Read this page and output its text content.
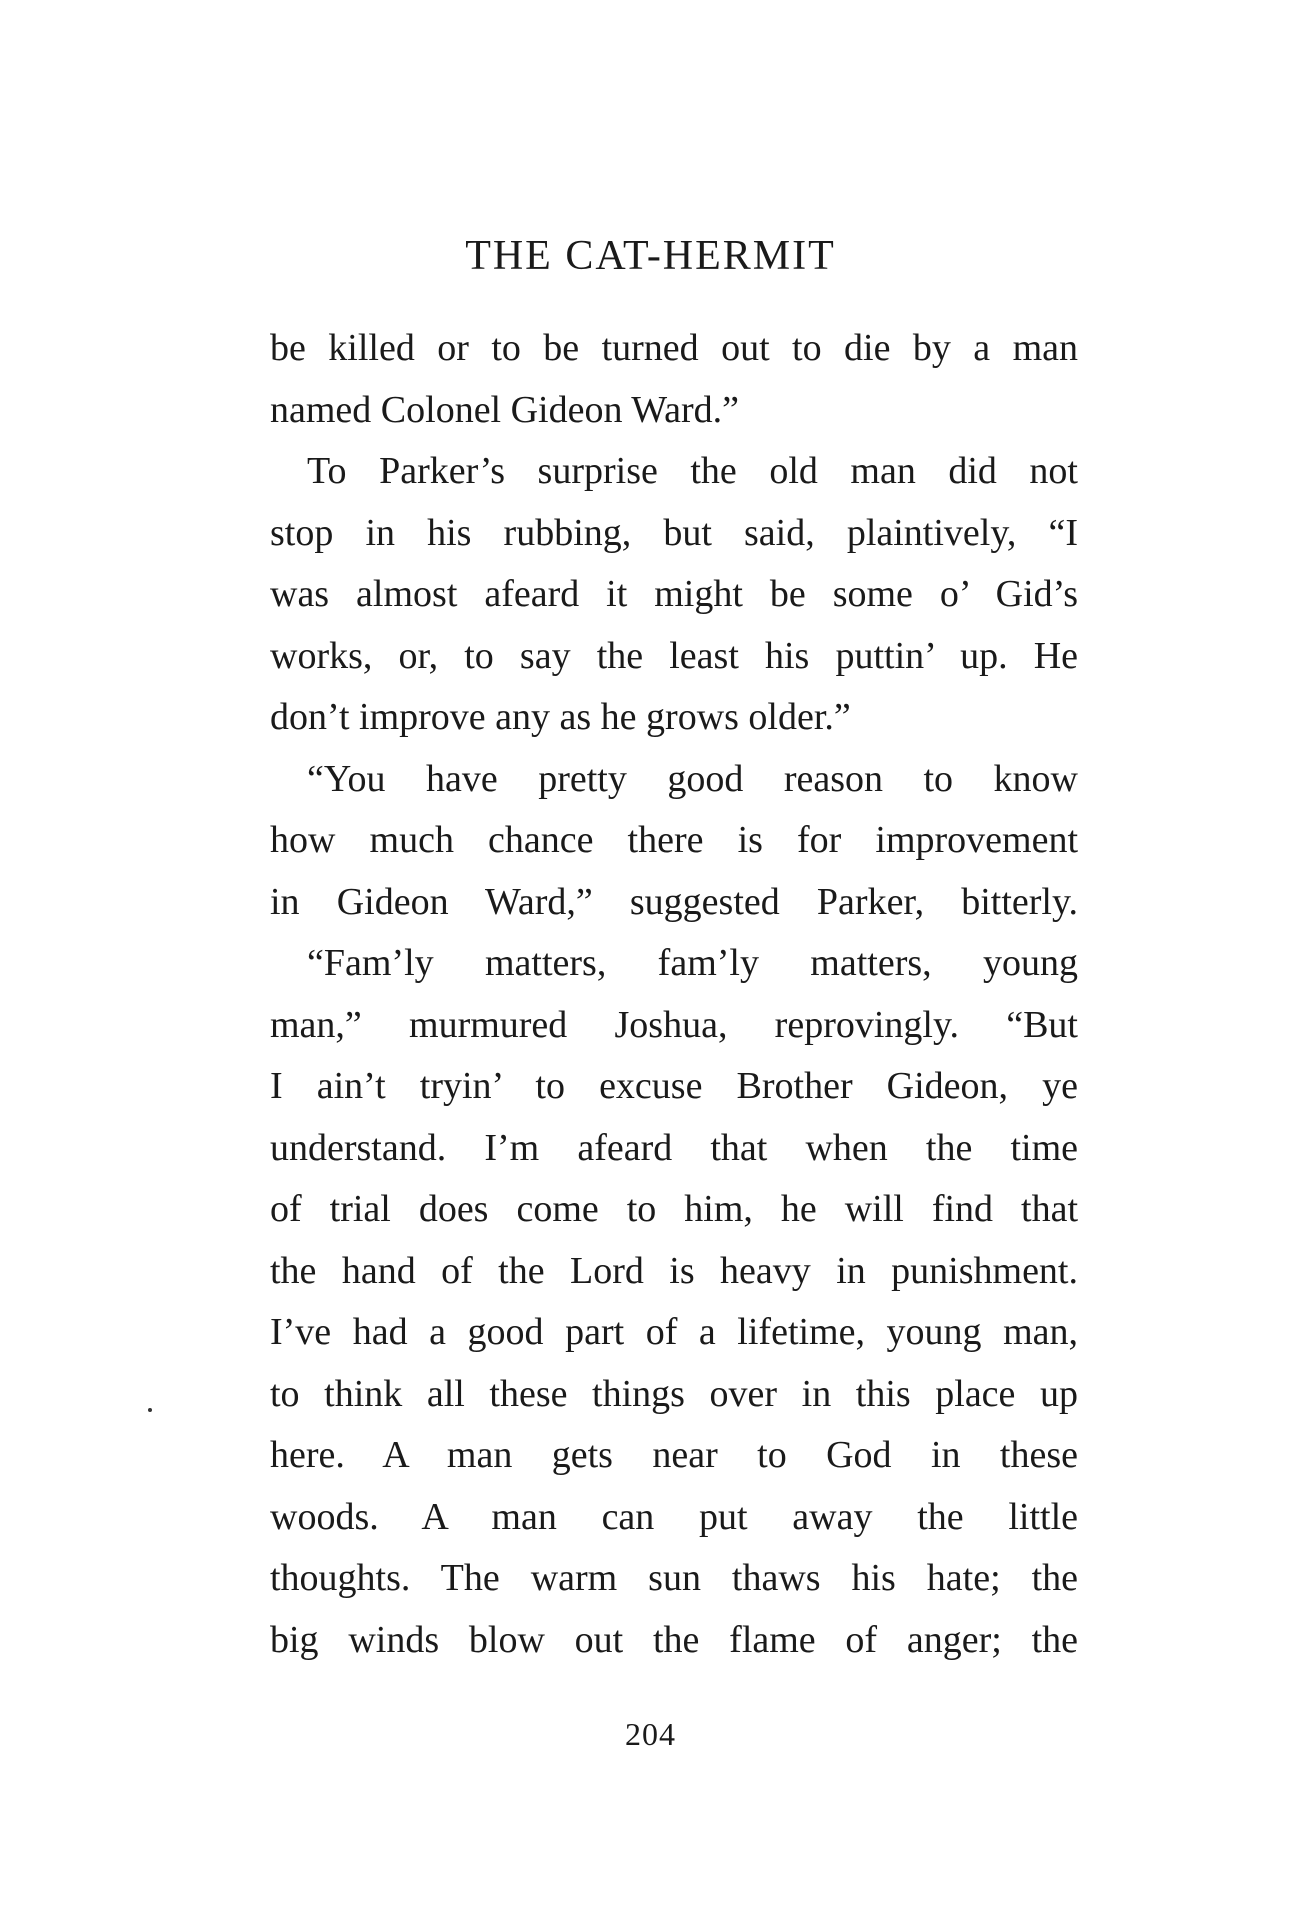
THE CAT-HERMIT
be killed or to be turned out to die by a man
named Colonel Gideon Ward.”
To Parker’s surprise the old man did not
stop in his rubbing, but said, plaintively, “I
was almost afeard it might be some o’ Gid’s
works, or, to say the least his puttin’ up. He
don’t improve any as he grows older.”
“You have pretty good reason to know
how much chance there is for improvement
in Gideon Ward,” suggested Parker, bitterly.
“Fam’ly matters, fam’ly matters, young
man,” murmured Joshua, reprovingly. “But
I ain’t tryin’ to excuse Brother Gideon, ye
understand. I’m afeard that when the time
of trial does come to him, he will find that
the hand of the Lord is heavy in punishment.
I’ve had a good part of a lifetime, young man,
to think all these things over in this place up
here. A man gets near to God in these
woods. A man can put away the little
thoughts. The warm sun thaws his hate; the
big winds blow out the flame of anger; the
204
